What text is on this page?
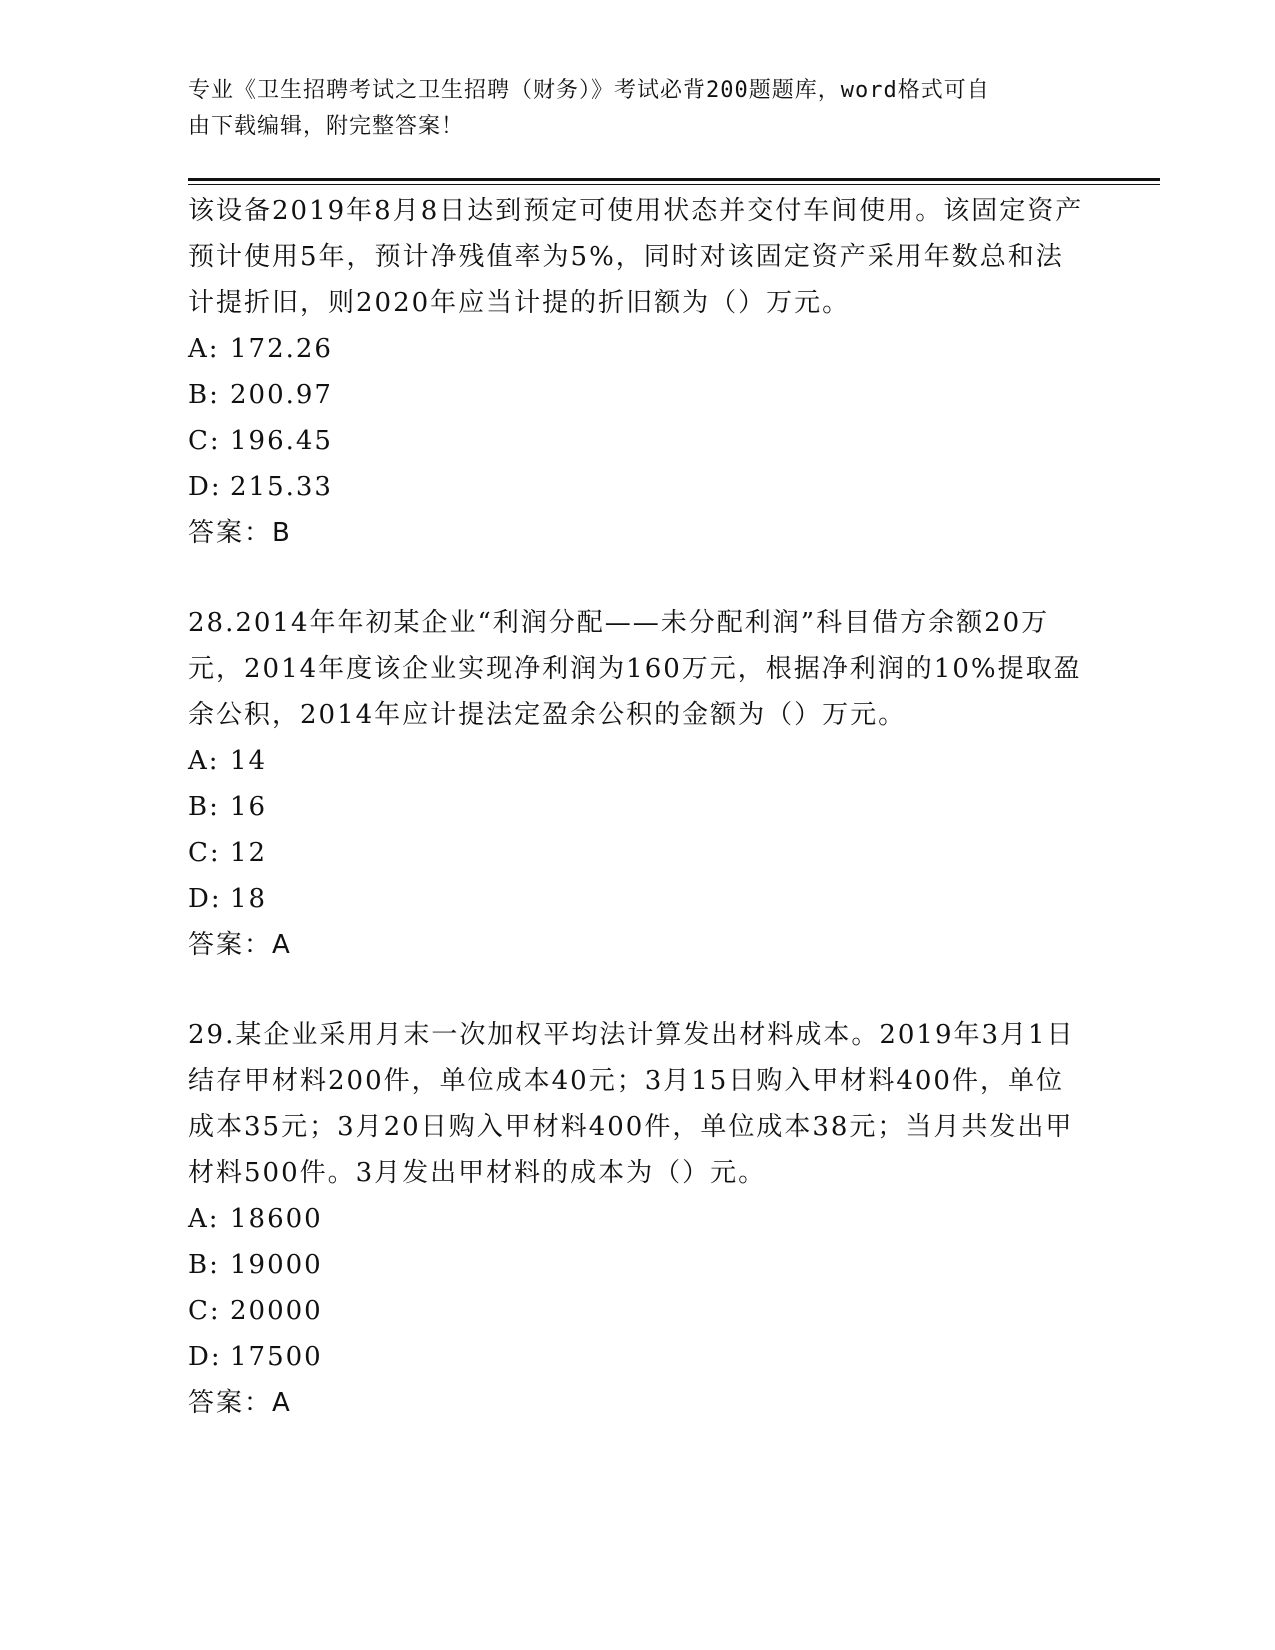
专业《卫生招聘考试之卫生招聘（财务）》考试必背200题题库，word格式可自
由下载编辑，附完整答案！

该设备2019年8月8日达到预定可使用状态并交付车间使用。该固定资产预计使用5年，预计净残值率为5%，同时对该固定资产采用年数总和法计提折旧，则2020年应当计提的折旧额为（）万元。

A: 172.26

B: 200.97

C: 196.45

D: 215.33

答案：B

28.2014年年初某企业“利润分配——未分配利润”科目借方余额20万元，2014年度该企业实现净利润为160万元，根据净利润的10%提取盈余公积，2014年应计提法定盈余公积的金额为（）万元。

A: 14

B: 16

C: 12

D: 18

答案：A

29.某企业采用月末一次加权平均法计算发出材料成本。2019年3月1日结存甲材料200件，单位成本40元；3月15日购入甲材料400件，单位成本35元；3月20日购入甲材料400件，单位成本38元；当月共发出甲材料500件。3月发出甲材料的成本为（）元。

A: 18600

B: 19000

C: 20000

D: 17500

答案：A
